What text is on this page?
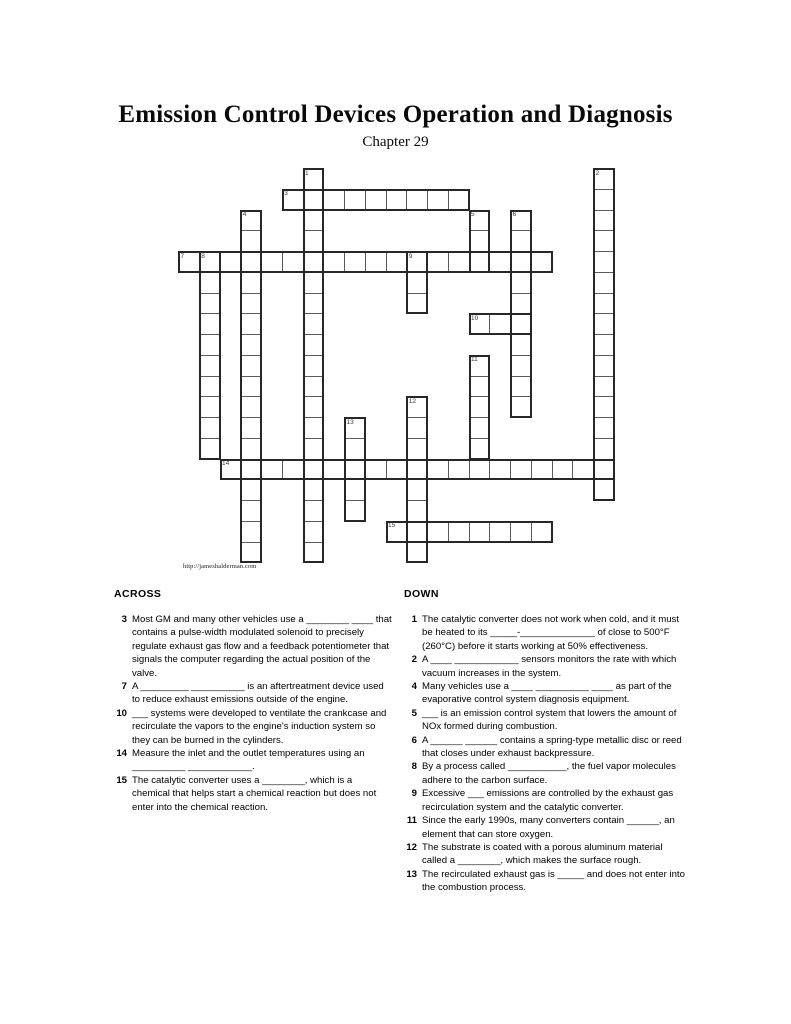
Emission Control Devices Operation and Diagnosis
Chapter 29
1	2
3
4	5	6
7	8	9
10
11
12
13
14
15
http://jameshalderman.com
ACROSS
3 Most GM and many other vehicles use a ________ ____ that contains a pulse-width modulated solenoid to precisely regulate exhaust gas flow and a feedback potentiometer that signals the computer regarding the actual position of the valve.
7 A _________ __________ is an aftertreatment device used to reduce exhaust emissions outside of the engine.
10 ___ systems were developed to ventilate the crankcase and recirculate the vapors to the engine's induction system so they can be burned in the cylinders.
14 Measure the inlet and the outlet temperatures using an __________ ____________.
15 The catalytic converter uses a ________, which is a chemical that helps start a chemical reaction but does not enter into the chemical reaction.
DOWN
1 The catalytic converter does not work when cold, and it must be heated to its _____-______________ of close to 500°F (260°C) before it starts working at 50% effectiveness.
2 A ____ ____________ sensors monitors the rate with which vacuum increases in the system.
4 Many vehicles use a ____ __________ ____ as part of the evaporative control system diagnosis equipment.
5 ___ is an emission control system that lowers the amount of NOx formed during combustion.
6 A ______ ______ contains a spring-type metallic disc or reed that closes under exhaust backpressure.
8 By a process called ___________, the fuel vapor molecules adhere to the carbon surface.
9 Excessive ___ emissions are controlled by the exhaust gas recirculation system and the catalytic converter.
11 Since the early 1990s, many converters contain ______, an element that can store oxygen.
12 The substrate is coated with a porous aluminum material called a ________, which makes the surface rough.
13 The recirculated exhaust gas is _____ and does not enter into the combustion process.
